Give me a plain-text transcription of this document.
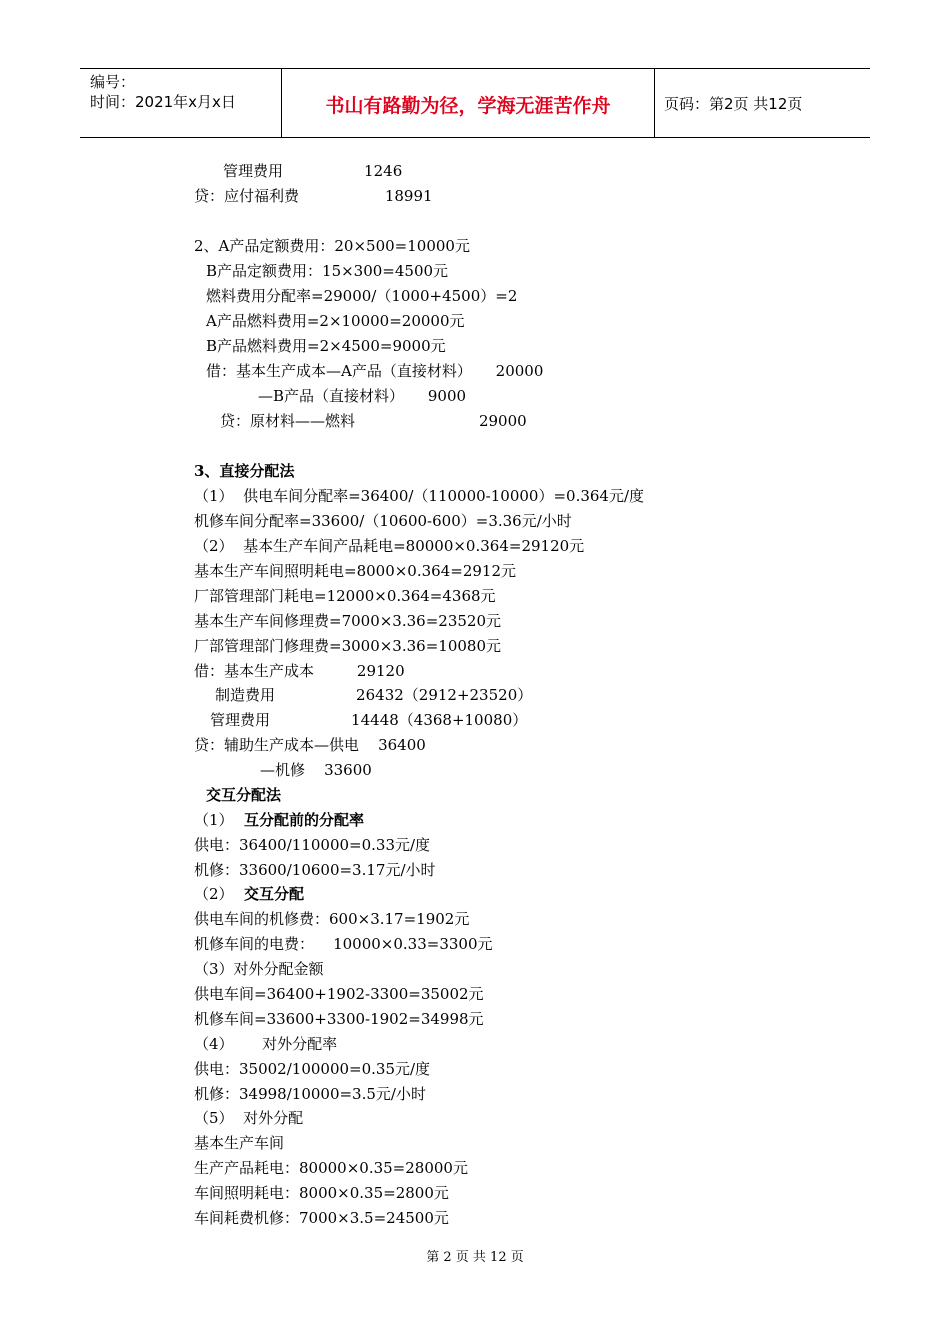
编号：
时间：2021年x月x日	书山有路勤为径，学海无涯苦作舟	页码：第2页 共12页
管理费用                 1246
贷：应付福利费                  18991
2、A产品定额费用：20×500=10000元
B产品定额费用：15×300=4500元
燃料费用分配率=29000/（1000+4500）=2
A产品燃料费用=2×10000=20000元
B产品燃料费用=2×4500=9000元
借：基本生产成本—A产品（直接材料）     20000
—B产品（直接材料）     9000
贷：原材料——燃料                          29000
3、直接分配法
（1）  供电车间分配率=36400/（110000-10000）=0.364元/度
机修车间分配率=33600/（10600-600）=3.36元/小时
（2）  基本生产车间产品耗电=80000×0.364=29120元
基本生产车间照明耗电=8000×0.364=2912元
厂部管理部门耗电=12000×0.364=4368元
基本生产车间修理费=7000×3.36=23520元
厂部管理部门修理费=3000×3.36=10080元
借：基本生产成本         29120
制造费用                 26432（2912+23520）
管理费用                 14448（4368+10080）
贷：辅助生产成本—供电    36400
—机修    33600
交互分配法
（1） 互分配前的分配率
供电：36400/110000=0.33元/度
机修：33600/10600=3.17元/小时
（2） 交互分配
供电车间的机修费：600×3.17=1902元
机修车间的电费：    10000×0.33=3300元
（3）对外分配金额
供电车间=36400+1902-3300=35002元
机修车间=33600+3300-1902=34998元
（4）      对外分配率
供电：35002/100000=0.35元/度
机修：34998/10000=3.5元/小时
（5）  对外分配
基本生产车间
生产产品耗电：80000×0.35=28000元
车间照明耗电：8000×0.35=2800元
车间耗费机修：7000×3.5=24500元
第 2 页 共 12 页
